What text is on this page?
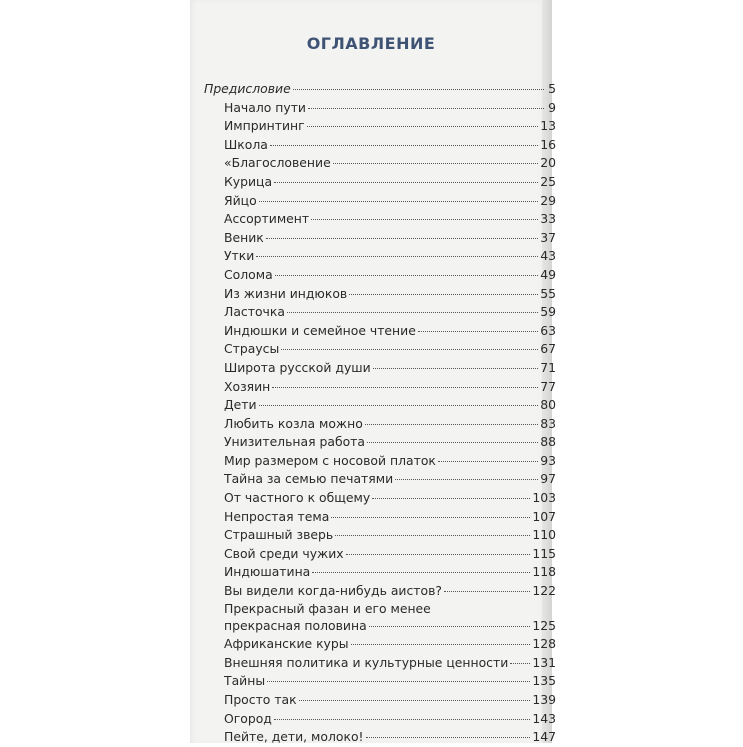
ОГЛАВЛЕНИЕ
Предисловие	5
Начало пути	9
Импринтинг	13
Школа	16
«Благословение	20
Курица	25
Яйцо	29
Ассортимент	33
Веник	37
Утки	43
Солома	49
Из жизни индюков	55
Ласточка	59
Индюшки и семейное чтение	63
Страусы	67
Широта русской души	71
Хозяин	77
Дети	80
Любить козла можно	83
Унизительная работа	88
Мир размером с носовой платок	93
Тайна за семью печатями	97
От частного к общему	103
Непростая тема	107
Страшный зверь	110
Свой среди чужих	115
Индюшатина	118
Вы видели когда-нибудь аистов?	122
Прекрасный фазан и его менее
прекрасная половина	125
Африканские куры	128
Внешняя политика и культурные ценности 131
Тайны	135
Просто так	139
Огород	143
Пейте, дети, молоко!	147
